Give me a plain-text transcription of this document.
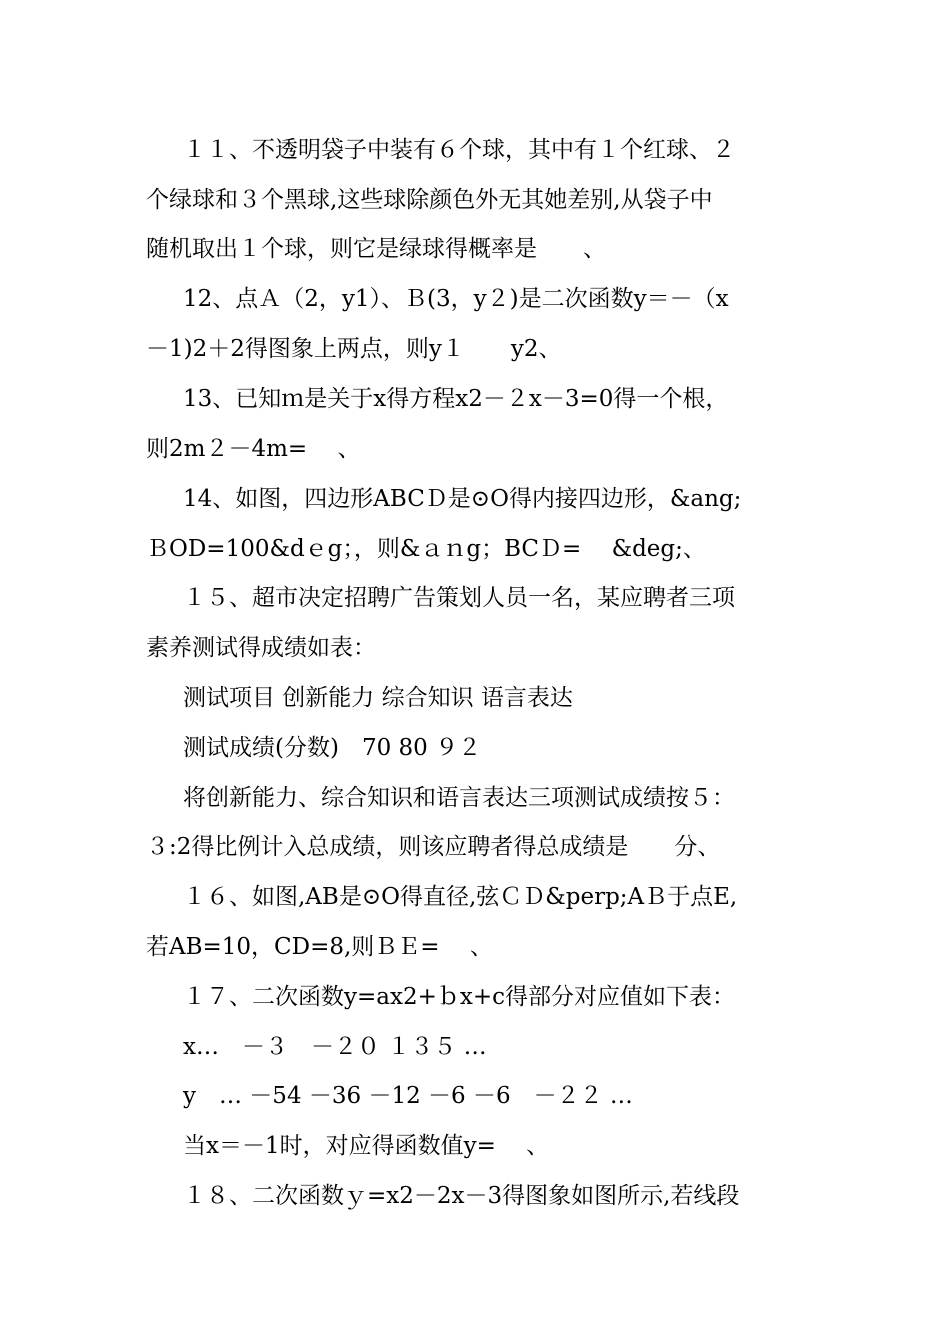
１１、不透明袋子中装有６个球，其中有１个红球、２
个绿球和３个黑球,这些球除颜色外无其她差别,从袋子中
随机取出１个球，则它是绿球得概率是　　、
12、点Ａ（2，y1）、Ｂ(3，y２)是二次函数y＝－（x
－1)2＋2得图象上两点，则y１　　y2、
13、已知ｍ是关于x得方程x2－２x－3=0得一个根，
则2m２－4m=　 、
14、如图，四边形ABCＤ是⊙O得内接四边形，&ang;
ＢOD=100&dｅg；，则&ａｎg；BCＤ=　 &deg;、
１５、超市决定招聘广告策划人员一名，某应聘者三项
素养测试得成绩如表：
测试项目 创新能力 综合知识 语言表达
测试成绩(分数)　70 80 ９２
将创新能力、综合知识和语言表达三项测试成绩按５：
３:2得比例计入总成绩，则该应聘者得总成绩是　　分、
１６、如图,AB是⊙O得直径,弦ＣＤ&perp;AＢ于点E,
若AB=10，CD=8,则ＢＥ=　 、
１７、二次函数y=ax2+ｂx+c得部分对应值如下表：
x…　－３　－２０ １３５ …
y　… －54 －36 －12 －6 －6　－２２ …
当x＝－1时，对应得函数值y=　 、
１８、二次函数ｙ=x2－2x－3得图象如图所示,若线段
